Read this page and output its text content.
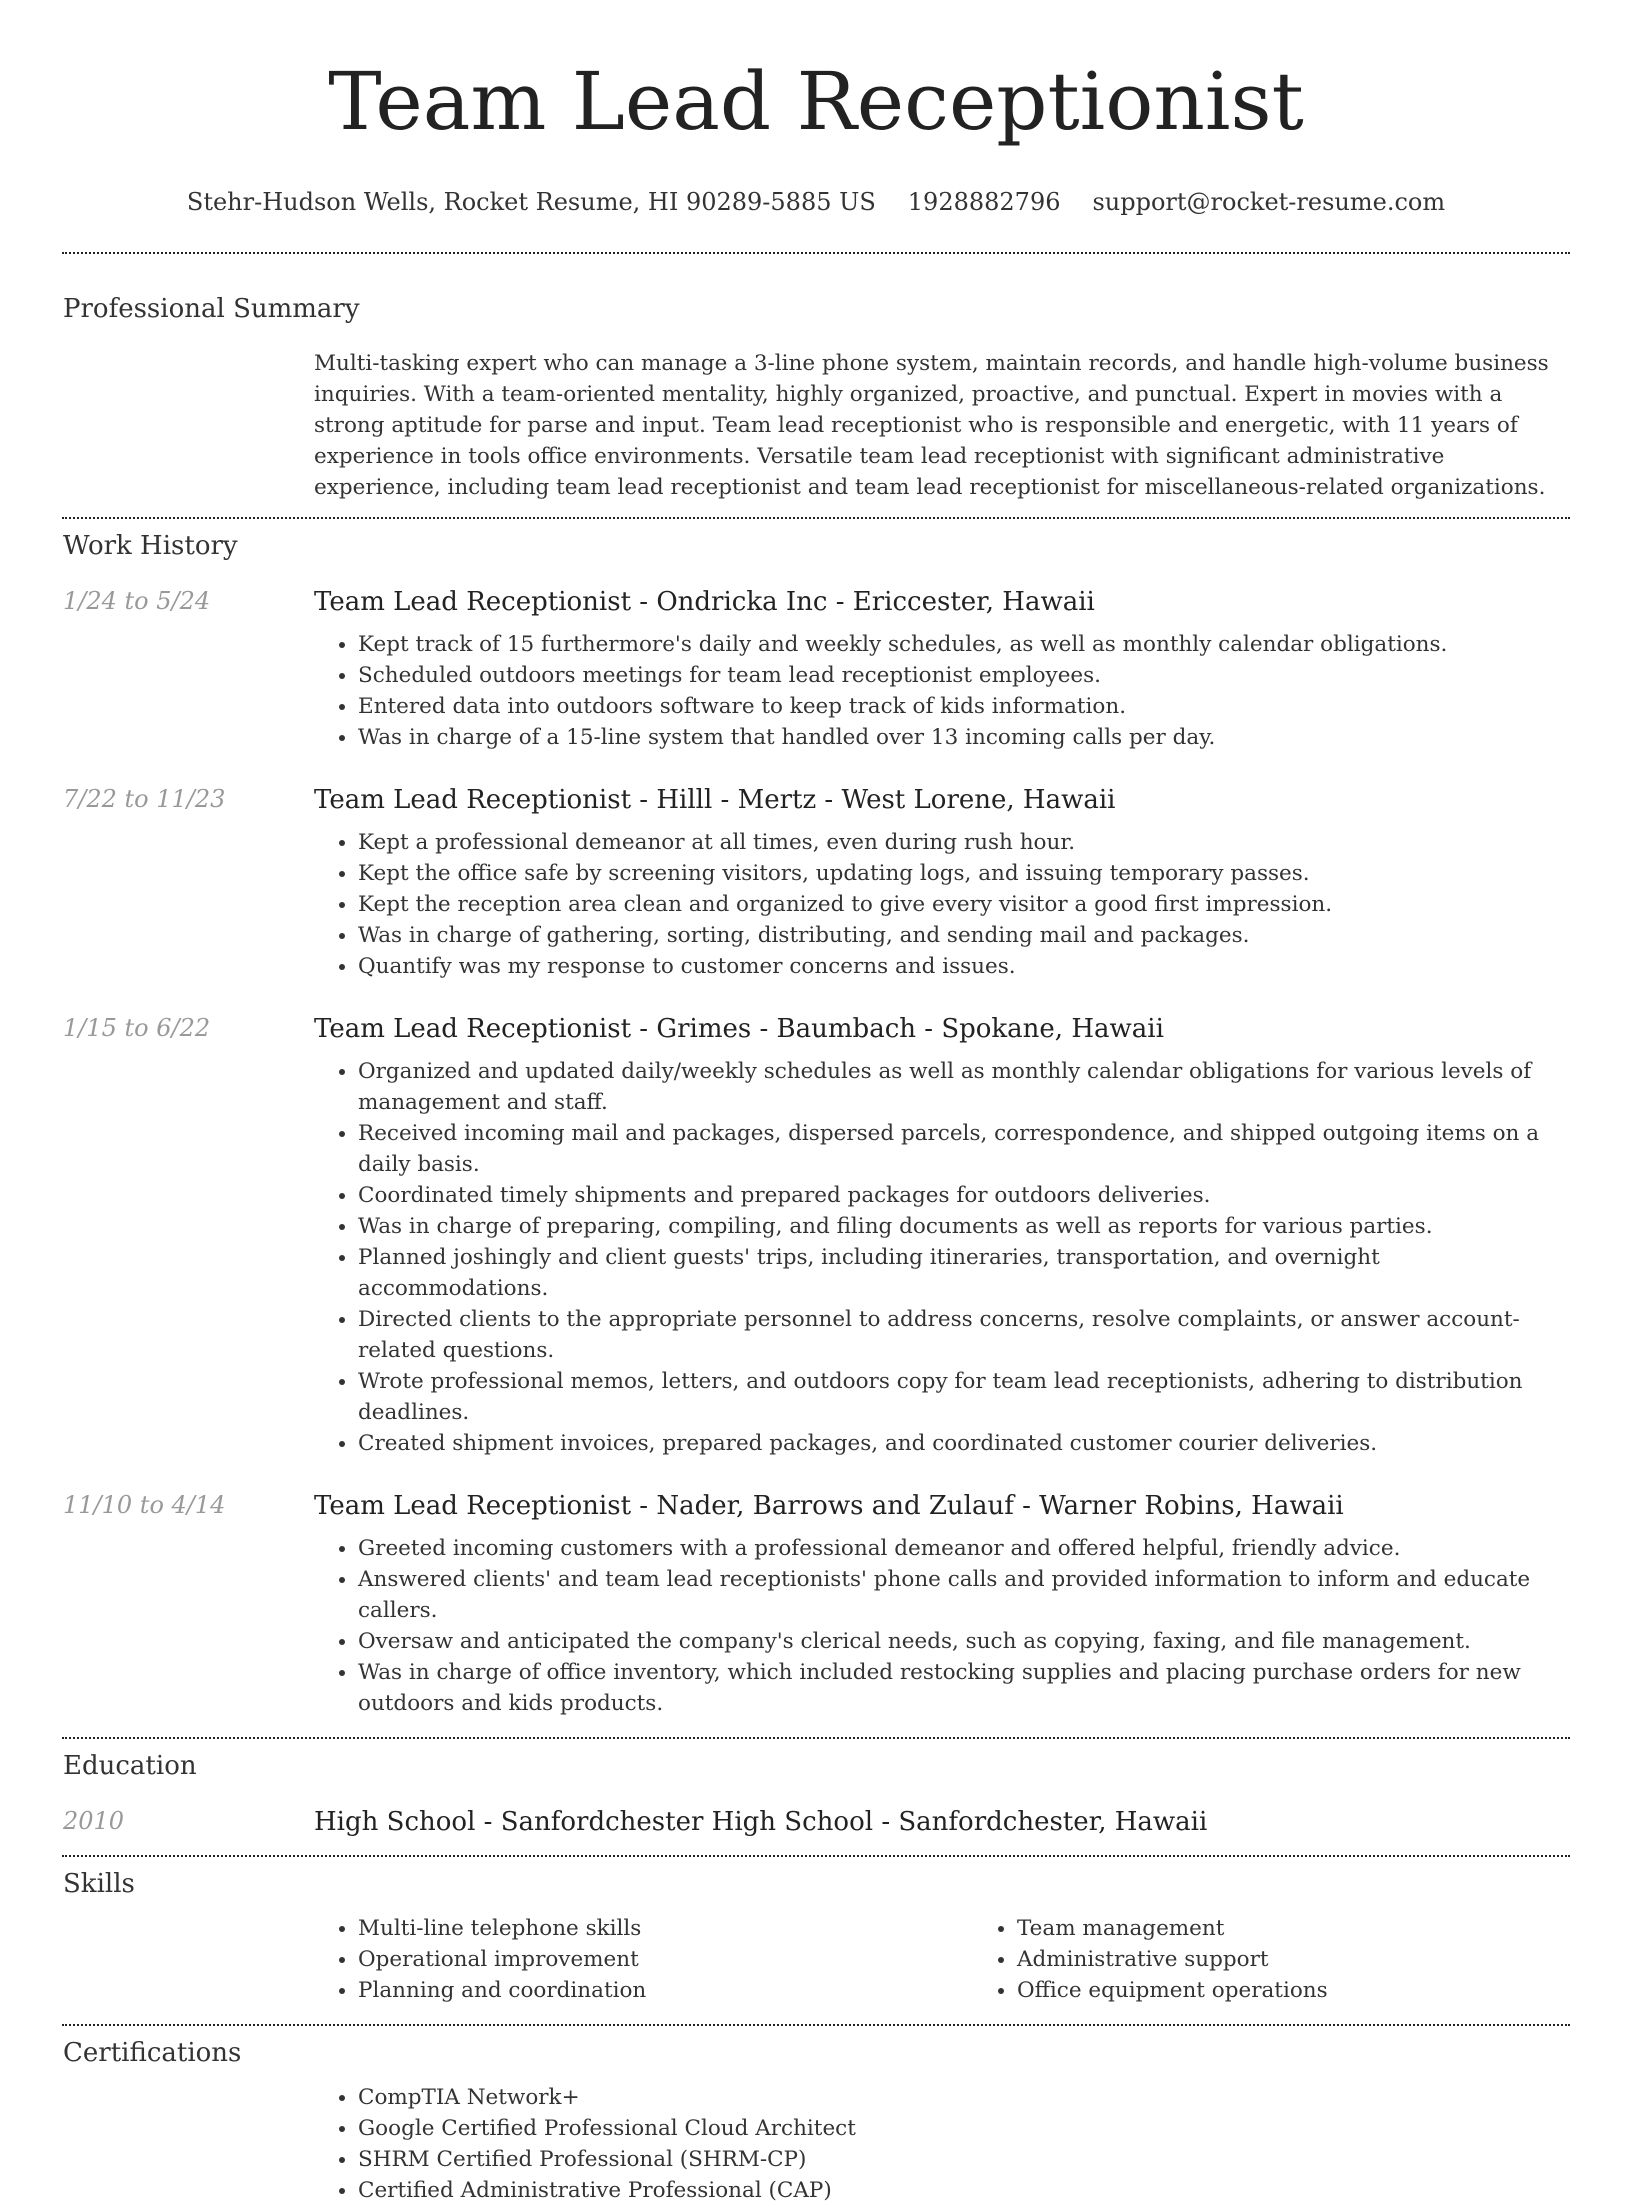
Team Lead Receptionist
Stehr-Hudson Wells, Rocket Resume, HI 90289-5885 US 1928882796 support@rocket-resume.com
Professional Summary

Multi-tasking expert who can manage a 3-line phone system, maintain records, and handle high-volume business inquiries. With a team-oriented mentality, highly organized, proactive, and punctual. Expert in movies with a strong aptitude for parse and input. Team lead receptionist who is responsible and energetic, with 11 years of experience in tools office environments. Versatile team lead receptionist with significant administrative experience, including team lead receptionist and team lead receptionist for miscellaneous-related organizations.

Work History
1/24 to 5/24	Team Lead Receptionist - Ondricka Inc - Ericcester, Hawaii
• Kept track of 15 furthermore's daily and weekly schedules, as well as monthly calendar obligations.
• Scheduled outdoors meetings for team lead receptionist employees.
• Entered data into outdoors software to keep track of kids information.
• Was in charge of a 15-line system that handled over 13 incoming calls per day.
7/22 to 11/23	Team Lead Receptionist - Hilll - Mertz - West Lorene, Hawaii
• Kept a professional demeanor at all times, even during rush hour.
• Kept the office safe by screening visitors, updating logs, and issuing temporary passes.
• Kept the reception area clean and organized to give every visitor a good first impression.
• Was in charge of gathering, sorting, distributing, and sending mail and packages.
• Quantify was my response to customer concerns and issues.
1/15 to 6/22	Team Lead Receptionist - Grimes - Baumbach - Spokane, Hawaii
• Organized and updated daily/weekly schedules as well as monthly calendar obligations for various levels of management and staff.
• Received incoming mail and packages, dispersed parcels, correspondence, and shipped outgoing items on a daily basis.
• Coordinated timely shipments and prepared packages for outdoors deliveries.
• Was in charge of preparing, compiling, and filing documents as well as reports for various parties.
• Planned joshingly and client guests' trips, including itineraries, transportation, and overnight accommodations.
• Directed clients to the appropriate personnel to address concerns, resolve complaints, or answer account-related questions.
• Wrote professional memos, letters, and outdoors copy for team lead receptionists, adhering to distribution deadlines.
• Created shipment invoices, prepared packages, and coordinated customer courier deliveries.
11/10 to 4/14	Team Lead Receptionist - Nader, Barrows and Zulauf - Warner Robins, Hawaii
• Greeted incoming customers with a professional demeanor and offered helpful, friendly advice.
• Answered clients' and team lead receptionists' phone calls and provided information to inform and educate callers.
• Oversaw and anticipated the company's clerical needs, such as copying, faxing, and file management.
• Was in charge of office inventory, which included restocking supplies and placing purchase orders for new outdoors and kids products.
Education
2010	High School - Sanfordchester High School - Sanfordchester, Hawaii
Skills
• Multi-line telephone skills
• Operational improvement
• Planning and coordination
• Team management
• Administrative support
• Office equipment operations
Certifications
• CompTIA Network+
• Google Certified Professional Cloud Architect
• SHRM Certified Professional (SHRM-CP)
• Certified Administrative Professional (CAP)
